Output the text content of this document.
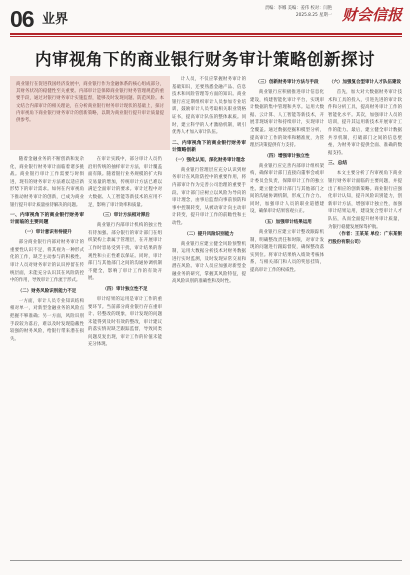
06 业界
责编：李娜 美编：姜伟 校对：闫艳
2025.8.25 星期一 财会信报
内审视角下的商业银行财务审计策略创新探讨
商业银行在促进我国经济发展中，商业银行作为金融体系的核心组成部分，其财务状况的稳健性至关重要。内部审计是保障商业银行财务管理规范的重要手段，通过对银行财务审计实施监督，能够及时发现问题、防范风险。本文结合内部审计的相关理论，在分析商业银行财务审计现状的基础上，探讨内审视角下商业银行财务审计的创新策略，以期为商业银行提升审计质量提供参考。

随着金融业务的不断创新和复杂化，商业银行财务审计面临着诸多挑战。商业银行审计工作需要与时俱进，现有的财务审计方法难以适应新形势下的审计需求。如何在内审视角下推动财务审计的创新，已成为商业银行提升审计质量亟待解决的问题。

一、内审视角下的商业银行财务审计面临的主要问题
（一）审计意识有待提升

部分商业银行内部对财务审计的重要性认识不足，将其视为一种形式化的工作，缺乏主动参与的积极性。审计人员对财务审计的认识停留在传统层面，未能充分认识其在风险防控中的作用，导致审计工作流于形式。

（二）财务风险识别能力不足

一方面，审计人员专业知识结构相对单一，对新型金融业务的风险点把握不够准确；另一方面，风险识别手段较为落后，难以及时发现隐蔽性较强的财务风险，给银行带来潜在损失。

在审计实践中，部分审计人员仍沿用传统的抽样审计方法，审计覆盖面有限。随着银行业务规模的扩大和交易量的增加，传统审计方法已难以满足全面审计的要求。审计过程中对大数据、人工智能等新技术的应用不足，影响了审计效率和质量。

（三）审计方法相对滞后

商业银行内部审计机构的独立性有待加强。部分银行的审计部门在组织架构上隶属于管理层，在开展审计工作时容易受到干扰，审计结果的客观性和公正性难以保证。同时，审计部门与其他部门之间的沟通协调机制不健全，影响了审计工作的有效开展。

（四）审计独立性不足

审计结果的运用是审计工作的重要环节。当前部分商业银行存在重审计、轻整改的现象，审计发现的问题未能得到及时有效的整改，审计建议的落实情况缺乏跟踪监督，导致同类问题反复出现，审计工作的价值未能充分体现。

计人员，不仅应掌握财务审计的基础知识，还要熟悉金融产品、信息技术和风险管理等方面的知识。商业银行应定期组织审计人员参加专业培训，鼓励审计人员考取相关职业资格证书，提高审计队伍的整体素质。同时，建立科学的人才激励机制，吸引优秀人才加入审计队伍。

二、内审视角下的商业银行财务审计策略创新
（一）强化认知，深化财务审计理念

商业银行管理层应充分认识到财务审计在风险防控中的重要作用，将内部审计作为完善公司治理的重要手段。审计部门应树立以风险为导向的审计理念，由事后监督向事前预防和事中控制转变，从被动审计向主动审计转变，提升审计工作的前瞻性和主动性。

（二）提升风险识别能力

商业银行应建立健全风险预警机制，运用大数据分析技术对财务数据进行实时监测，及时发现异常交易和潜在风险。审计人员应加强对新型金融业务的研究，掌握其风险特征，提高风险识别的准确性和及时性。

（三）创新财务审计方法与手段

商业银行应积极推进审计信息化建设，构建智能化审计平台，实现审计数据的集中管理和共享。运用大数据、云计算、人工智能等新技术，开展非现场审计和持续审计，实现审计全覆盖。通过数据挖掘和模型分析，提高审计工作的效率和精准度，为管理层决策提供有力支持。

（四）增强审计独立性

商业银行应完善内部审计组织架构，确保审计部门直接向董事会或审计委员会负责，保障审计工作的独立性。建立健全审计部门与其他部门之间的沟通协调机制，形成工作合力。同时，加强审计人员的职业道德建设，确保审计结果客观公正。

（五）加强审计结果运用

商业银行应建立审计整改跟踪机制，明确整改责任和时限，对审计发现的问题进行跟踪督促，确保整改落实到位。将审计结果纳入绩效考核体系，与相关部门和人员的奖惩挂钩，提高审计工作的权威性。

（六）加强复合型审计人才队伍建设

首先，加大对大数据财务审计技术和工具的投入，引进先进的审计软件和分析工具，提高财务审计工作的智能化水平。其次，加强审计人员的培训，提升其运用新技术开展审计工作的能力。最后，建立健全审计数据共享机制，打破部门之间的信息壁垒，为财务审计提供全面、准确的数据支持。

三、总结

本文主要分析了内审视角下商业银行财务审计面临的主要问题，并提出了相应的创新策略。商业银行应强化审计认知，提升风险识别能力，创新审计方法，增强审计独立性，加强审计结果运用，建设复合型审计人才队伍，从而全面提升财务审计质量，为银行稳健发展保驾护航。

（作者：王某某 单位：广东某银行股份有限公司）
